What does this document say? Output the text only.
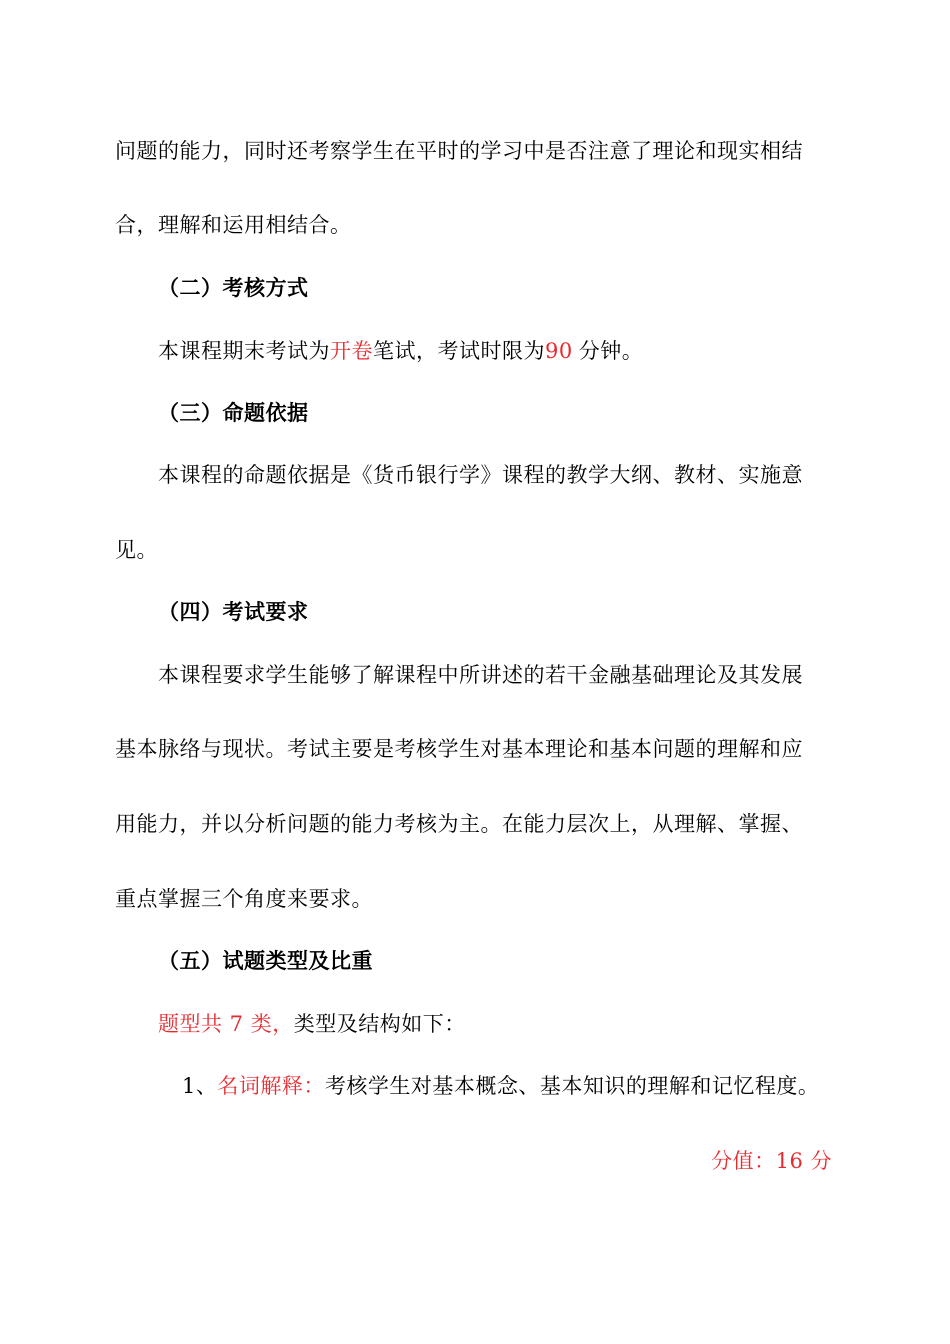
问题的能力，同时还考察学生在平时的学习中是否注意了理论和现实相结
合，理解和运用相结合。
（二）考核方式
本课程期末考试为开卷笔试，考试时限为90 分钟。
（三）命题依据
本课程的命题依据是《货币银行学》课程的教学大纲、教材、实施意
见。
（四）考试要求
本课程要求学生能够了解课程中所讲述的若干金融基础理论及其发展
基本脉络与现状。考试主要是考核学生对基本理论和基本问题的理解和应
用能力，并以分析问题的能力考核为主。在能力层次上，从理解、掌握、
重点掌握三个角度来要求。
（五）试题类型及比重
题型共 7 类，类型及结构如下：
1、名词解释：考核学生对基本概念、基本知识的理解和记忆程度。
分值：16 分
